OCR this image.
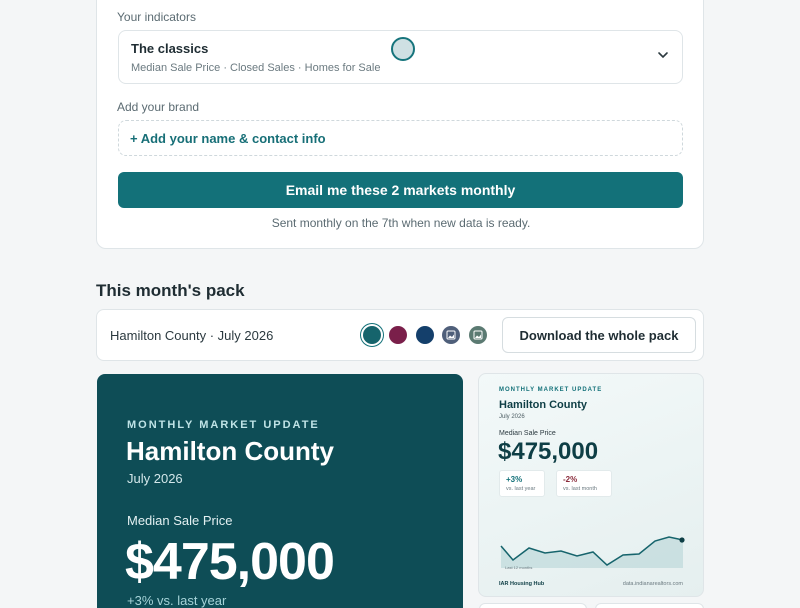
Your indicators
The classics
Median Sale Price · Closed Sales · Homes for Sale
Add your brand
+ Add your name & contact info
Email me these 2 markets monthly
Sent monthly on the 7th when new data is ready.
This month's pack
Hamilton County · July 2026	Download the whole pack
MONTHLY MARKET UPDATE
Hamilton County
July 2026
Median Sale Price
$475,000
+3% vs. last year
MONTHLY MARKET UPDATE
Hamilton County
July 2026
Median Sale Price
$475,000
+3%
vs. last year
-2%
vs. last month
Last 12 months
IAR Housing Hub	data.indianarealtors.com
